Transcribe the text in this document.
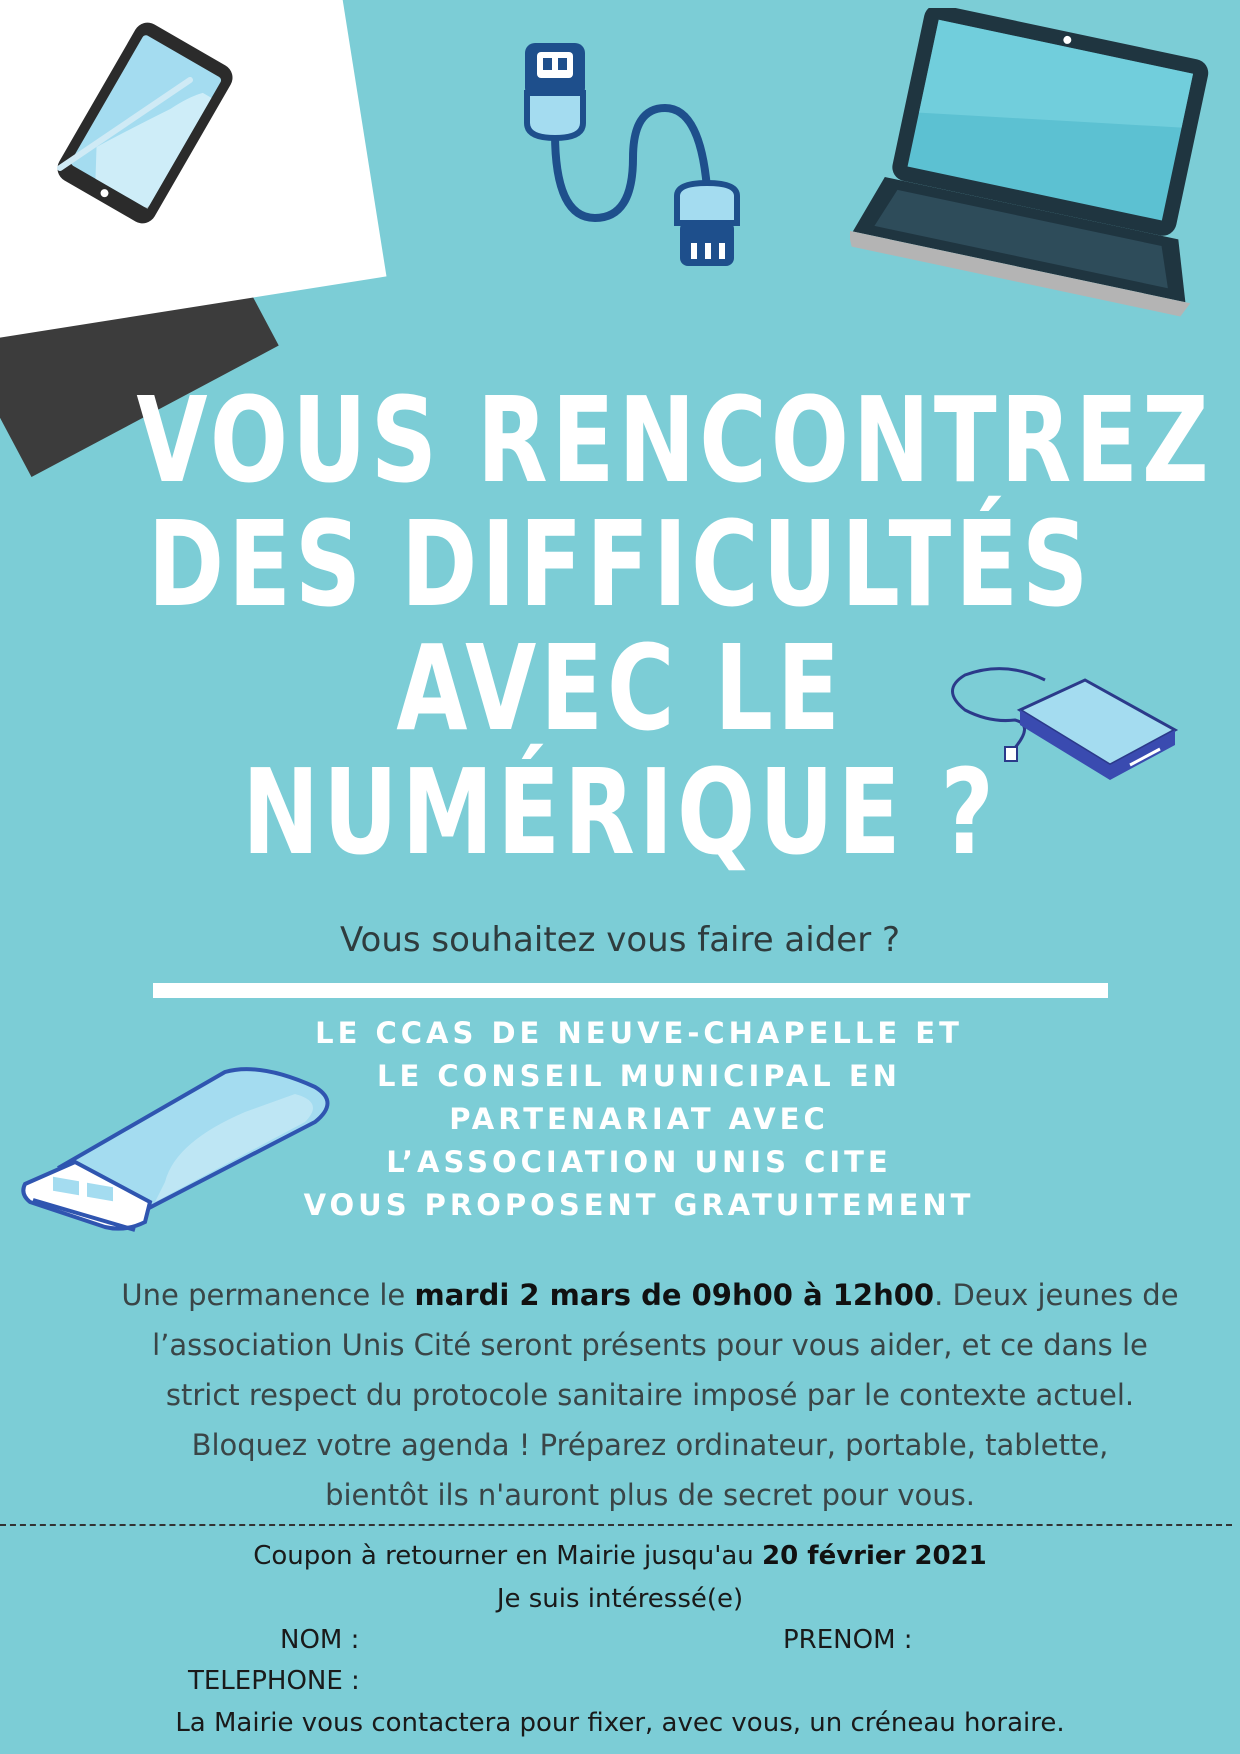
VOUS RENCONTREZ
DES DIFFICULTÉS
AVEC LE
NUMÉRIQUE ?
Vous souhaitez vous faire aider ?
LE CCAS DE NEUVE-CHAPELLE ET
LE CONSEIL MUNICIPAL EN
PARTENARIAT AVEC
L’ASSOCIATION UNIS CITE
VOUS PROPOSENT GRATUITEMENT
Une permanence le mardi 2 mars de 09h00 à 12h00. Deux jeunes de
l’association Unis Cité seront présents pour vous aider, et ce dans le
strict respect du protocole sanitaire imposé par le contexte actuel.
Bloquez votre agenda ! Préparez ordinateur, portable, tablette,
bientôt ils n'auront plus de secret pour vous.
Coupon à retourner en Mairie jusqu'au 20 février 2021
Je suis intéressé(e)
NOM :	PRENOM :
TELEPHONE :
La Mairie vous contactera pour fixer, avec vous, un créneau horaire.
